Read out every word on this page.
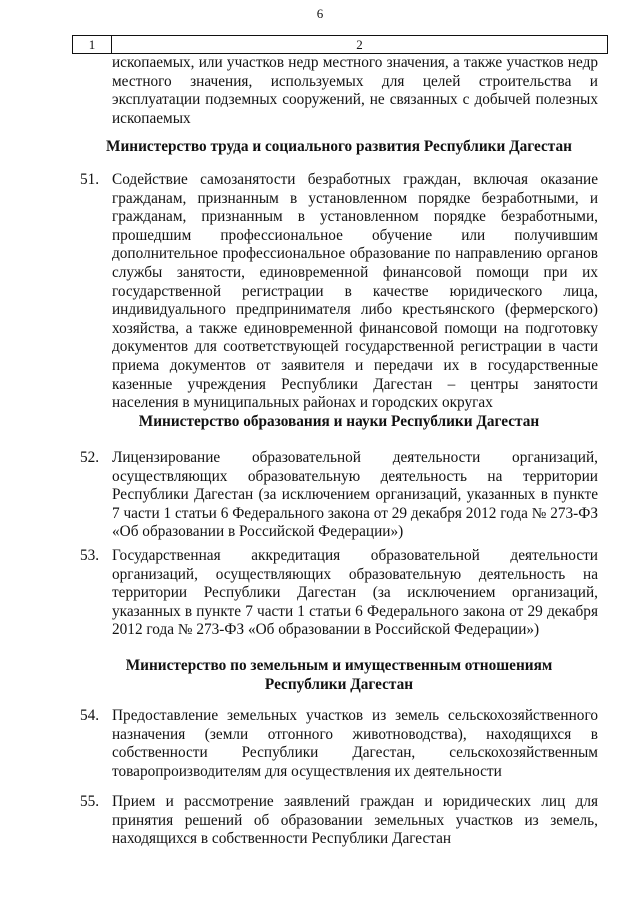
6
1	2
ископаемых, или участков недр местного значения, а также участков недр местного значения, используемых для целей строительства и эксплуатации подземных сооружений, не связанных с добычей полезных ископаемых
Министерство труда и социального развития Республики Дагестан
51. Содействие самозанятости безработных граждан, включая оказание гражданам, признанным в установленном порядке безработными, и гражданам, признанным в установленном порядке безработными, прошедшим профессиональное обучение или получившим дополнительное профессиональное образование по направлению органов службы занятости, единовременной финансовой помощи при их государственной регистрации в качестве юридического лица, индивидуального предпринимателя либо крестьянского (фермерского) хозяйства, а также единовременной финансовой помощи на подготовку документов для соответствующей государственной регистрации в части приема документов от заявителя и передачи их в государственные казенные учреждения Республики Дагестан – центры занятости населения в муниципальных районах и городских округах
Министерство образования и науки Республики Дагестан
52. Лицензирование образовательной деятельности организаций, осуществляющих образовательную деятельность на территории Республики Дагестан (за исключением организаций, указанных в пункте 7 части 1 статьи 6 Федерального закона от 29 декабря 2012 года № 273-ФЗ «Об образовании в Российской Федерации»)
53. Государственная аккредитация образовательной деятельности организаций, осуществляющих образовательную деятельность на территории Республики Дагестан (за исключением организаций, указанных в пункте 7 части 1 статьи 6 Федерального закона от 29 декабря 2012 года № 273-ФЗ «Об образовании в Российской Федерации»)
Министерство по земельным и имущественным отношениям
Республики Дагестан
54. Предоставление земельных участков из земель сельскохозяйственного назначения (земли отгонного животноводства), находящихся в собственности Республики Дагестан, сельскохозяйственным товаропроизводителям для осуществления их деятельности
55. Прием и рассмотрение заявлений граждан и юридических лиц для принятия решений об образовании земельных участков из земель, находящихся в собственности Республики Дагестан
